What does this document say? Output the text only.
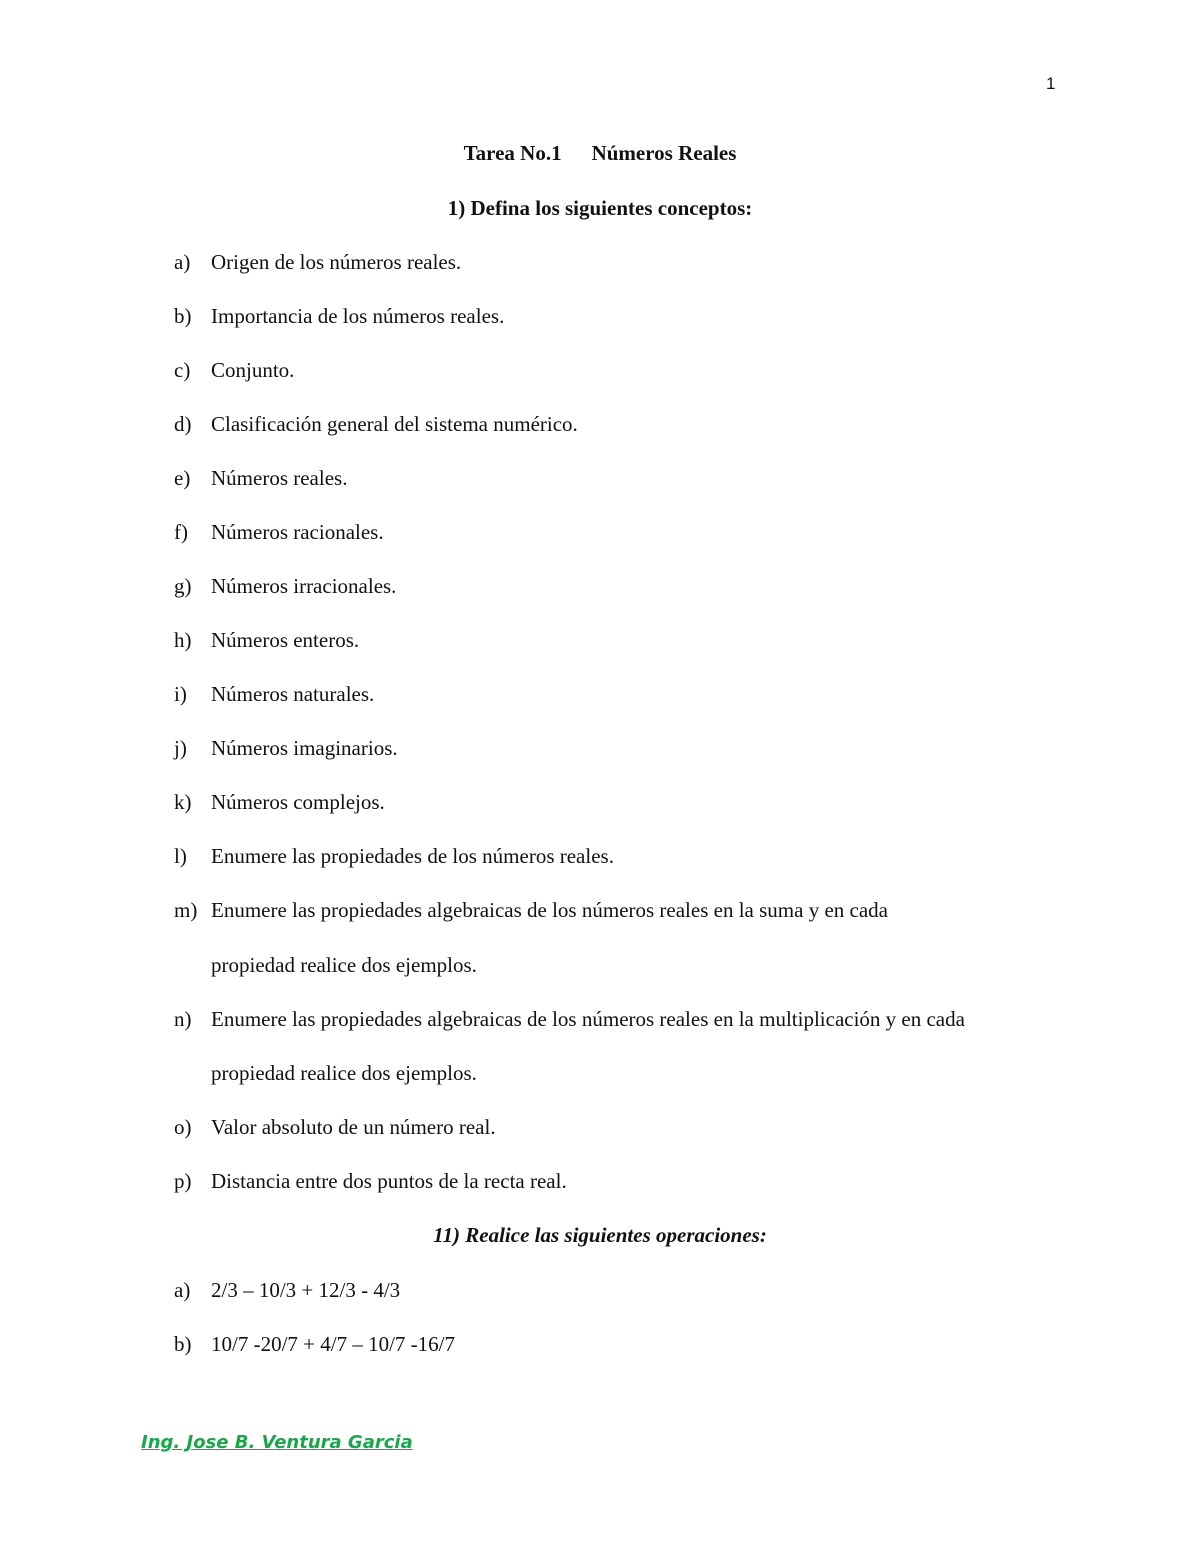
1
Tarea No.1 Números Reales
1) Defina los siguientes conceptos:
a) Origen de los números reales.
b) Importancia de los números reales.
c) Conjunto.
d) Clasificación general del sistema numérico.
e) Números reales.
f) Números racionales.
g) Números irracionales.
h) Números enteros.
i) Números naturales.
j) Números imaginarios.
k) Números complejos.
l) Enumere las propiedades de los números reales.
m) Enumere las propiedades algebraicas de los números reales en la suma y en cada
propiedad realice dos ejemplos.
n) Enumere las propiedades algebraicas de los números reales en la multiplicación y en cada
propiedad realice dos ejemplos.
o) Valor absoluto de un número real.
p) Distancia entre dos puntos de la recta real.
11) Realice las siguientes operaciones:
a) 2/3 – 10/3 + 12/3 - 4/3
b) 10/7 -20/7 + 4/7 – 10/7 -16/7
Ing. Jose B. Ventura Garcia
